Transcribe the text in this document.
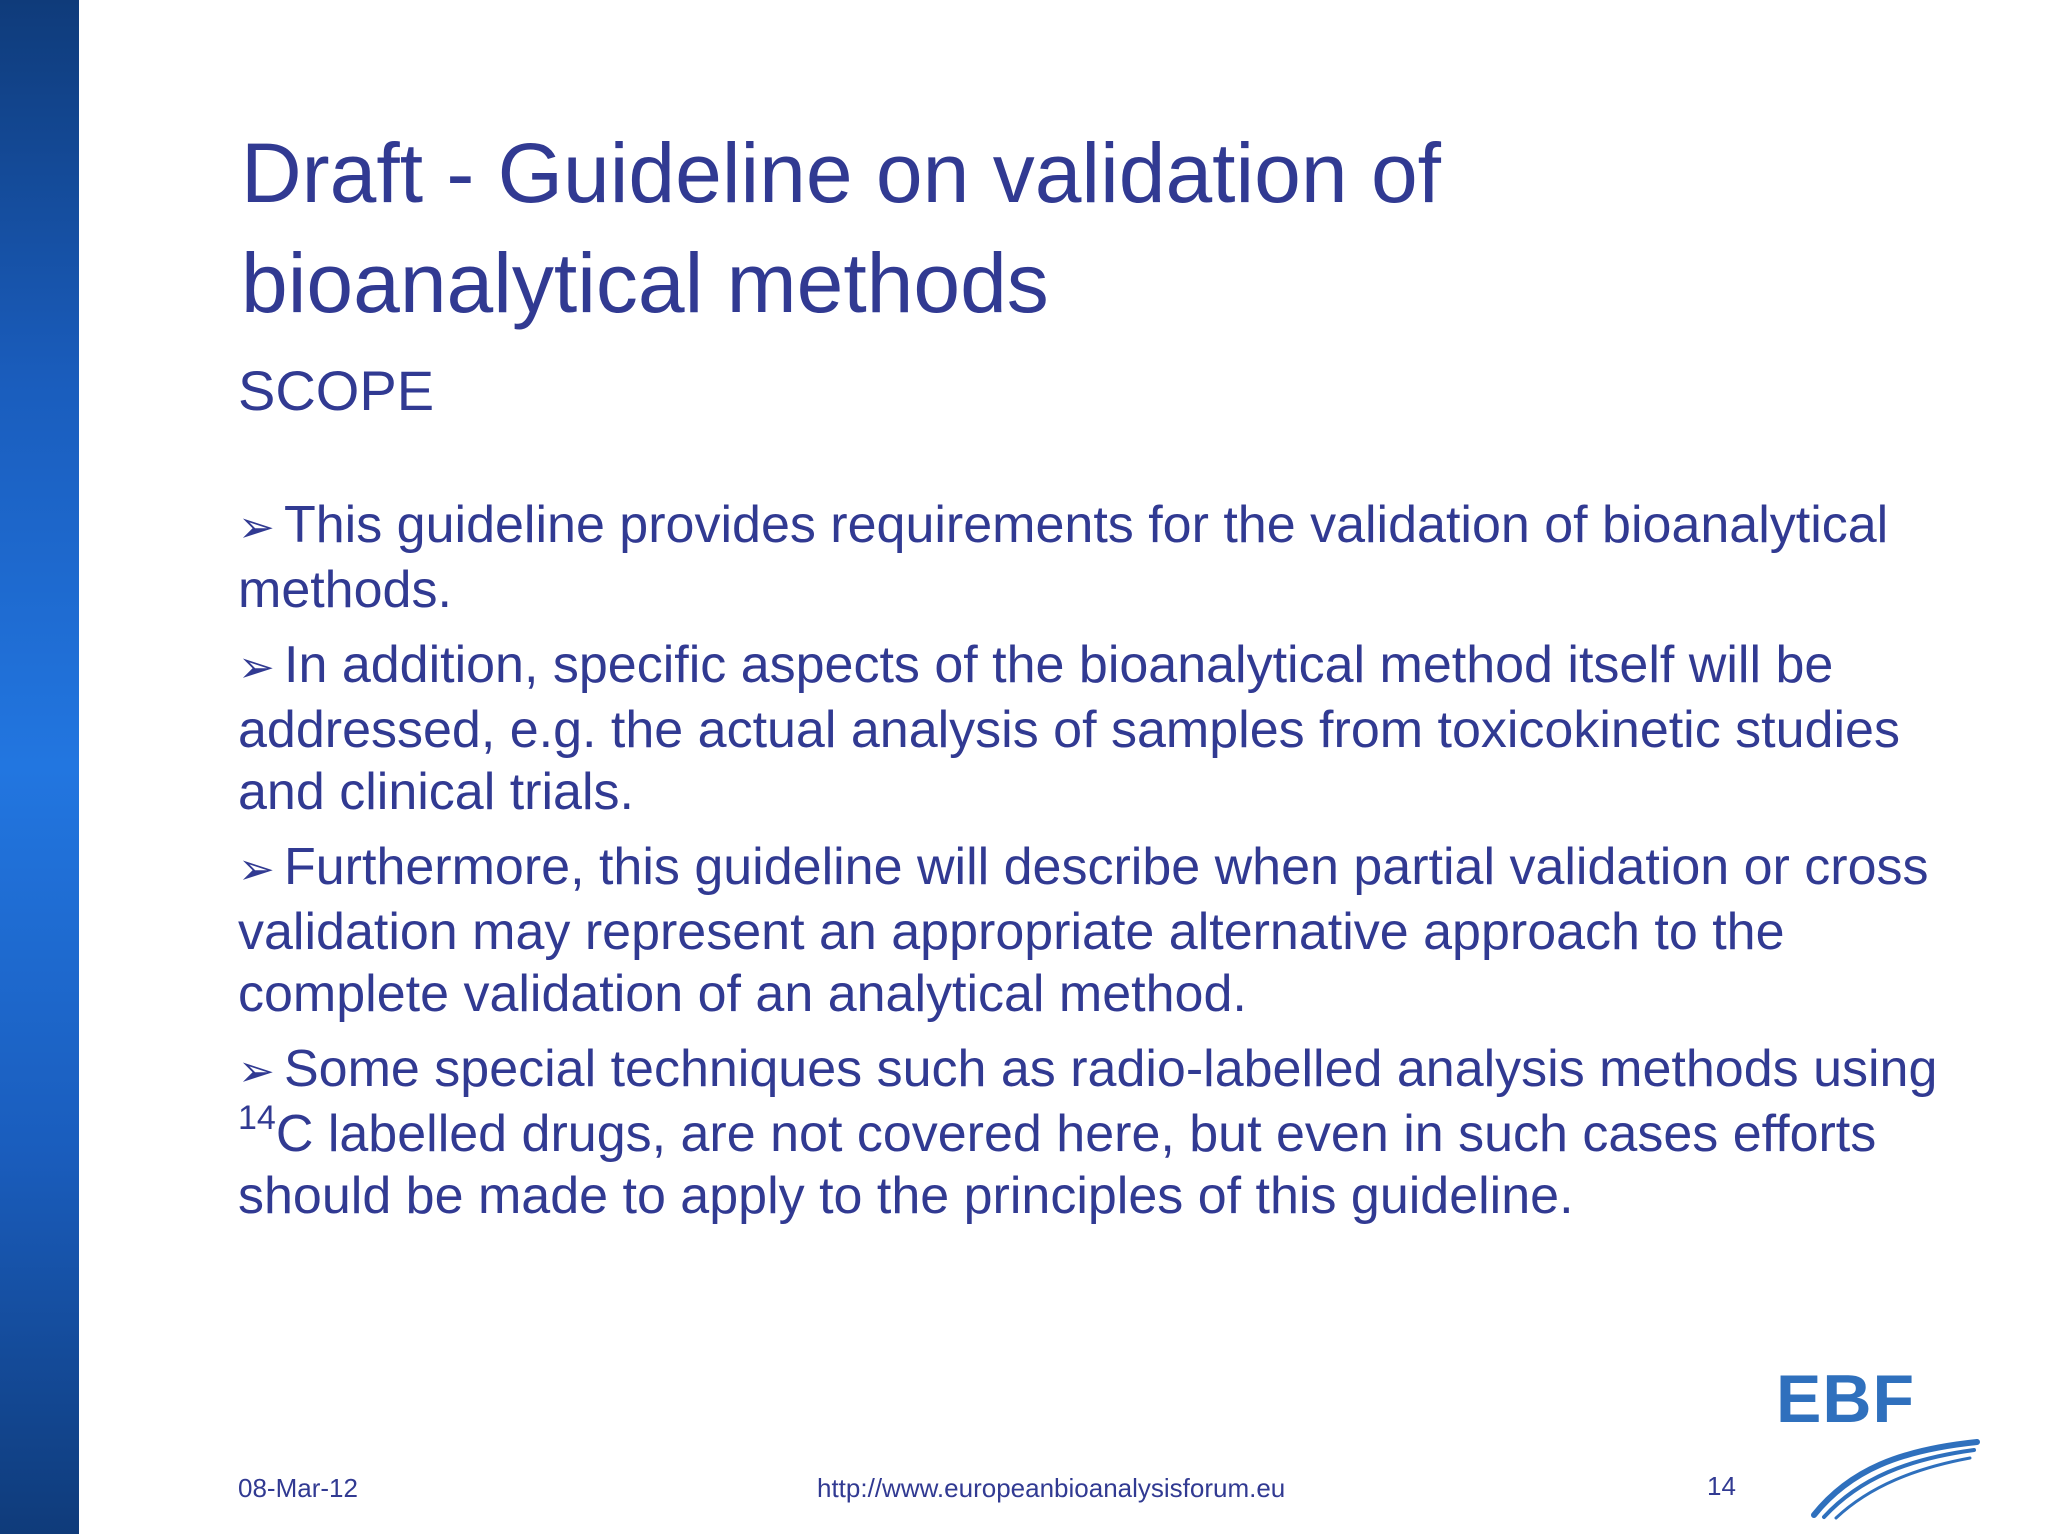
Draft - Guideline on validation of bioanalytical methods

SCOPE

➢ This guideline provides requirements for the validation of bioanalytical methods.
➢ In addition, specific aspects of the bioanalytical method itself will be addressed, e.g. the actual analysis of samples from toxicokinetic studies and clinical trials.
➢ Furthermore, this guideline will describe when partial validation or cross validation may represent an appropriate alternative approach to the complete validation of an analytical method.
➢ Some special techniques such as radio-labelled analysis methods using $^{14}$C labelled drugs, are not covered here, but even in such cases efforts should be made to apply to the principles of this guideline.

08-Mar-12	http://www.europeanbioanalysisforum.eu	14

EBF
